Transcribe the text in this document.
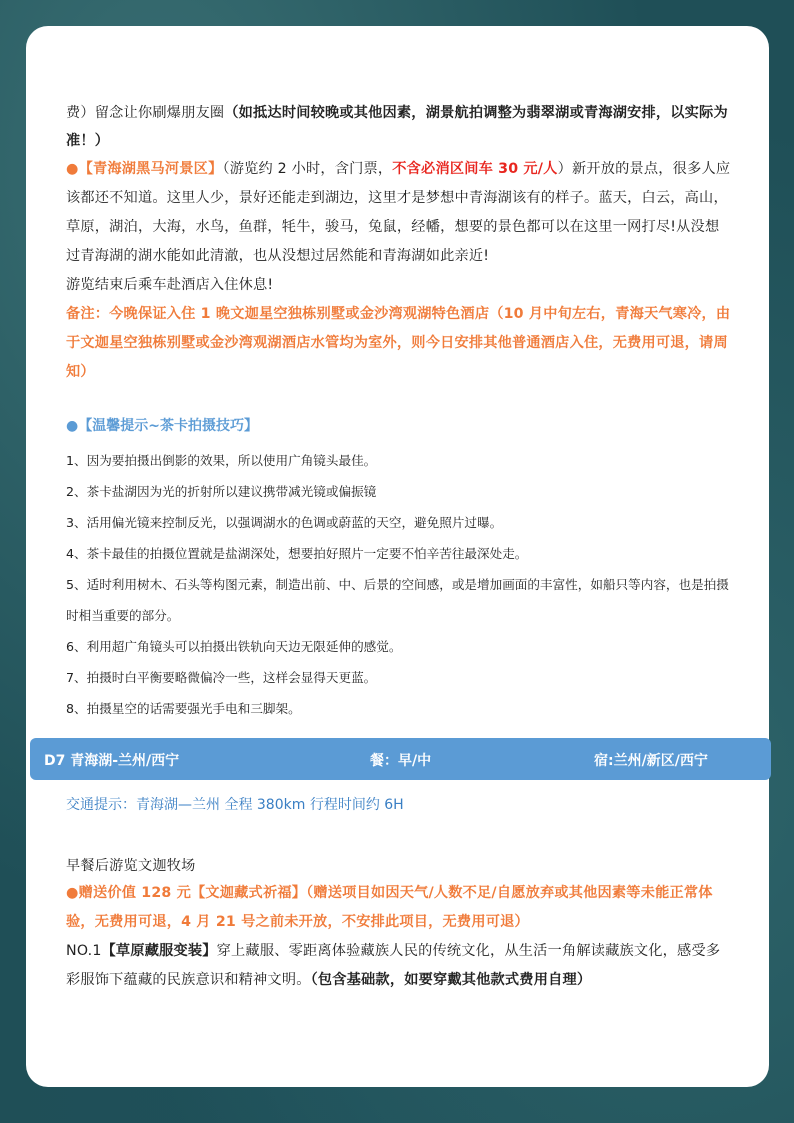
费）留念让你刷爆朋友圈（如抵达时间较晚或其他因素，湖景航拍调整为翡翠湖或青海湖安排，以实际为准！）

●【青海湖黑马河景区】（游览约 2 小时，含门票，不含必消区间车 30 元/人）新开放的景点，很多人应该都还不知道。这里人少，景好还能走到湖边，这里才是梦想中青海湖该有的样子。蓝天，白云，高山，草原，湖泊，大海，水鸟，鱼群，牦牛，骏马，兔鼠，经幡，想要的景色都可以在这里一网打尽!从没想过青海湖的湖水能如此清澈，也从没想过居然能和青海湖如此亲近!

游览结束后乘车赴酒店入住休息!

备注：今晚保证入住 1 晚文迦星空独栋别墅或金沙湾观湖特色酒店（10 月中旬左右，青海天气寒冷，由于文迦星空独栋别墅或金沙湾观湖酒店水管均为室外，则今日安排其他普通酒店入住，无费用可退，请周知）

●【温馨提示~茶卡拍摄技巧】

1、因为要拍摄出倒影的效果，所以使用广角镜头最佳。

2、茶卡盐湖因为光的折射所以建议携带减光镜或偏振镜

3、活用偏光镜来控制反光，以强调湖水的色调或蔚蓝的天空，避免照片过曝。

4、茶卡最佳的拍摄位置就是盐湖深处，想要拍好照片一定要不怕辛苦往最深处走。

5、适时利用树木、石头等构图元素，制造出前、中、后景的空间感，或是增加画面的丰富性，如船只等内容，也是拍摄时相当重要的部分。

6、利用超广角镜头可以拍摄出铁轨向天边无限延伸的感觉。

7、拍摄时白平衡要略微偏冷一些，这样会显得天更蓝。

8、拍摄星空的话需要强光手电和三脚架。

D7 青海湖-兰州/西宁	餐：早/中	宿:兰州/新区/西宁

交通提示：青海湖—兰州 全程 380km 行程时间约 6H

早餐后游览文迦牧场

●赠送价值 128 元【文迦藏式祈福】（赠送项目如因天气/人数不足/自愿放弃或其他因素等未能正常体验，无费用可退，4 月 21 号之前未开放，不安排此项目，无费用可退）

NO.1【草原藏服变装】穿上藏服、零距离体验藏族人民的传统文化，从生活一角解读藏族文化，感受多彩服饰下蕴藏的民族意识和精神文明。（包含基础款，如要穿戴其他款式费用自理）
